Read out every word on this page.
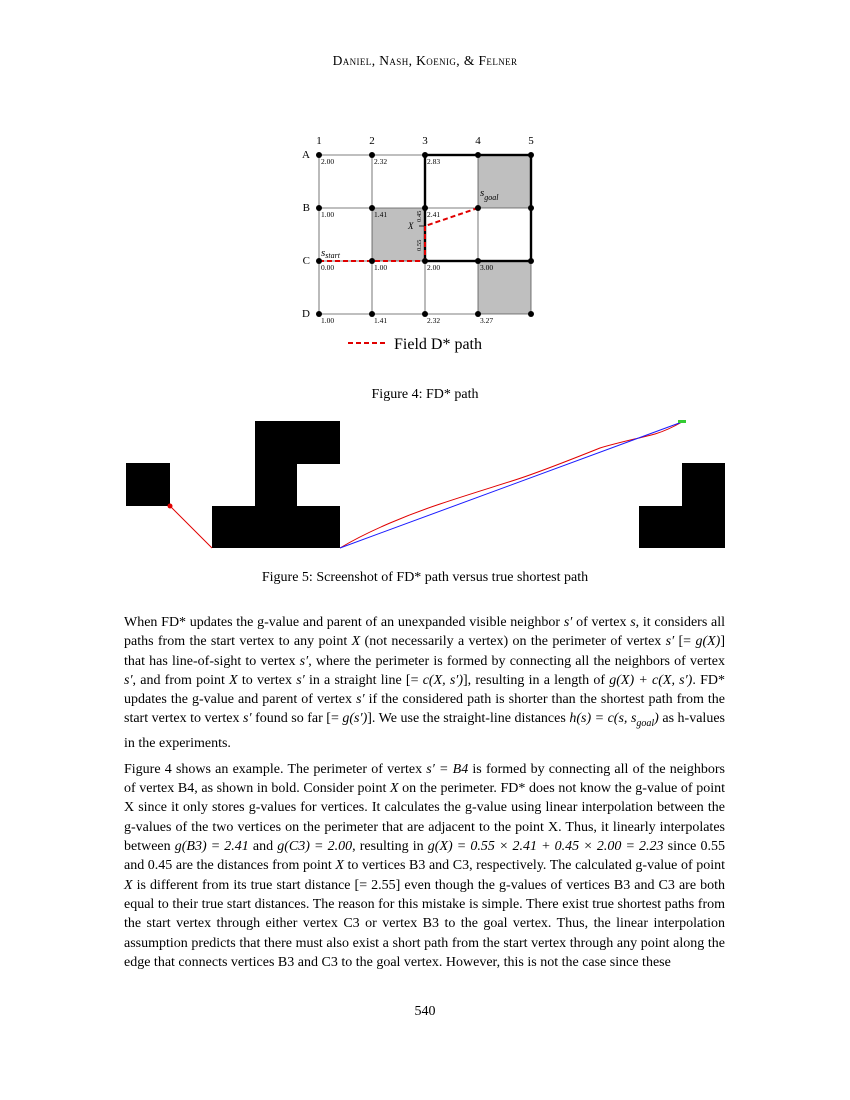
Daniel, Nash, Koenig, & Felner
1	2	3	4	5
A
B
C
D
2.00	2.32	2.83
1.00	1.41	2.41
0.00	1.00	2.00	3.00
1.00	1.41	2.32	3.27
X
0.45
0.55
sstart
$s_{goal}$
Field D* path
Figure 4: FD* path
Figure 5: Screenshot of FD* path versus true shortest path

When FD* updates the g-value and parent of an unexpanded visible neighbor s′ of vertex s, it considers all paths from the start vertex to any point X (not necessarily a vertex) on the perimeter of vertex s′ [= g(X)] that has line-of-sight to vertex s′, where the perimeter is formed by connecting all the neighbors of vertex s′, and from point X to vertex s′ in a straight line [= c(X, s′)], resulting in a length of g(X) + c(X, s′). FD* updates the g-value and parent of vertex s′ if the considered path is shorter than the shortest path from the start vertex to vertex s′ found so far [= g(s′)]. We use the straight-line distances h(s) = c(s, $s_{goal}$) as h-values in the experiments.

Figure 4 shows an example. The perimeter of vertex s′ = B4 is formed by connecting all of the neighbors of vertex B4, as shown in bold. Consider point X on the perimeter. FD* does not know the g-value of point X since it only stores g-values for vertices. It calculates the g-value using linear interpolation between the g-values of the two vertices on the perimeter that are adjacent to the point X. Thus, it linearly interpolates between g(B3) = 2.41 and g(C3) = 2.00, resulting in g(X) = 0.55 × 2.41 + 0.45 × 2.00 = 2.23 since 0.55 and 0.45 are the distances from point X to vertices B3 and C3, respectively. The calculated g-value of point X is different from its true start distance [= 2.55] even though the g-values of vertices B3 and C3 are both equal to their true start distances. The reason for this mistake is simple. There exist true shortest paths from the start vertex through either vertex C3 or vertex B3 to the goal vertex. Thus, the linear interpolation assumption predicts that there must also exist a short path from the start vertex through any point along the edge that connects vertices B3 and C3 to the goal vertex. However, this is not the case since these

540
